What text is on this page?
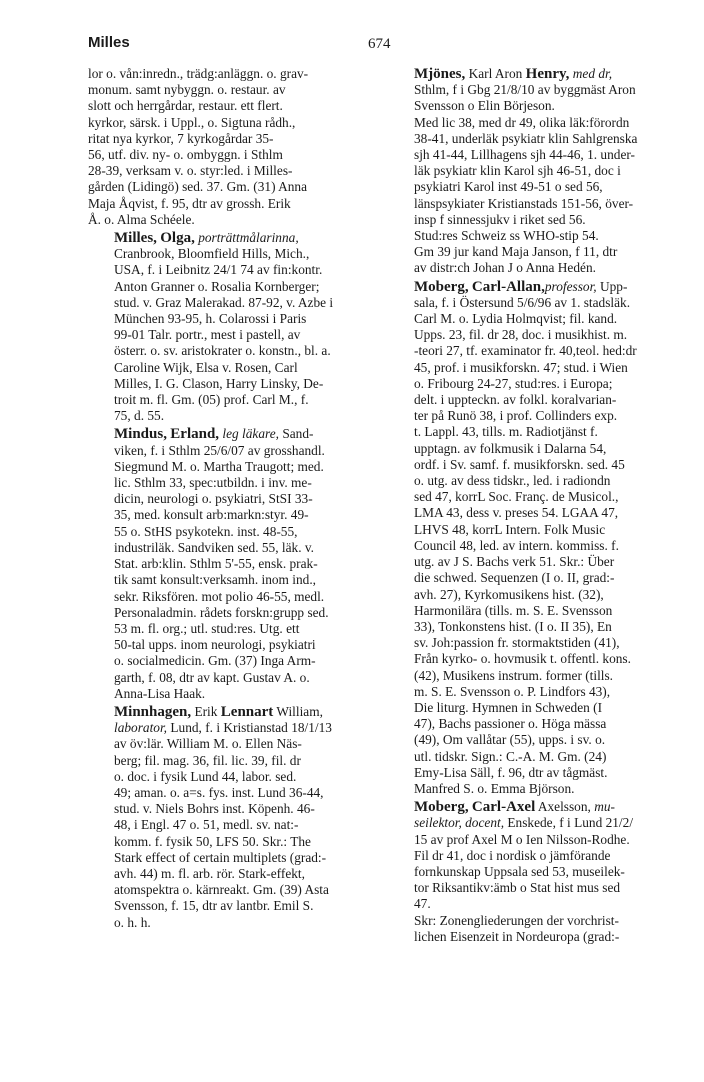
Milles	674
lor o. vån:inredn., trädg:anläggn. o. grav-
monum. samt nybyggn. o. restaur. av
slott och herrgårdar, restaur. ett flert.
kyrkor, särsk. i Uppl., o. Sigtuna rådh.,
ritat nya kyrkor, 7 kyrkogårdar 35-
56, utf. div. ny- o. ombyggn. i Sthlm
28-39, verksam v. o. styr:led. i Milles-
gården (Lidingö) sed. 37. Gm. (31) Anna
Maja Åqvist, f. 95, dtr av grossh. Erik
Å. o. Alma Schéele.
Milles, Olga, porträttmålarinna,
Cranbrook, Bloomfield Hills, Mich.,
USA, f. i Leibnitz 24/1 74 av fin:kontr.
Anton Granner o. Rosalia Kornberger;
stud. v. Graz Malerakad. 87-92, v. Azbe i
München 93-95, h. Colarossi i Paris
99-01 Talr. portr., mest i pastell, av
österr. o. sv. aristokrater o. konstn., bl. a.
Caroline Wijk, Elsa v. Rosen, Carl
Milles, I. G. Clason, Harry Linsky, De-
troit m. fl. Gm. (05) prof. Carl M., f.
75, d. 55.
Mindus, Erland, leg läkare, Sand-
viken, f. i Sthlm 25/6/07 av grosshandl.
Siegmund M. o. Martha Traugott; med.
lic. Sthlm 33, spec:utbildn. i inv. me-
dicin, neurologi o. psykiatri, StSI 33-
35, med. konsult arb:markn:styr. 49-
55 o. StHS psykotekn. inst. 48-55,
industriläk. Sandviken sed. 55, läk. v.
Stat. arb:klin. Sthlm 5'-55, ensk. prak-
tik samt konsult:verksamh. inom ind.,
sekr. Riksfören. mot polio 46-55, medl.
Personaladmin. rådets forskn:grupp sed.
53 m. fl. org.; utl. stud:res. Utg. ett
50-tal upps. inom neurologi, psykiatri
o. socialmedicin. Gm. (37) Inga Arm-
garth, f. 08, dtr av kapt. Gustav A. o.
Anna-Lisa Haak.
Minnhagen, Erik Lennart William,
laborator, Lund, f. i Kristianstad 18/1/13
av öv:lär. William M. o. Ellen Näs-
berg; fil. mag. 36, fil. lic. 39, fil. dr
o. doc. i fysik Lund 44, labor. sed.
49; aman. o. a=s. fys. inst. Lund 36-44,
stud. v. Niels Bohrs inst. Köpenh. 46-
48, i Engl. 47 o. 51, medl. sv. nat:-
komm. f. fysik 50, LFS 50. Skr.: The
Stark effect of certain multiplets (grad:-
avh. 44) m. fl. arb. rör. Stark-effekt,
atomspektra o. kärnreakt. Gm. (39) Asta
Svensson, f. 15, dtr av lantbr. Emil S.
o. h. h.
Mjönes, Karl Aron Henry, med dr,
Sthlm, f i Gbg 21/8/10 av byggmäst Aron
Svensson o Elin Börjeson.
Med lic 38, med dr 49, olika läk:förordn
38-41, underläk psykiatr klin Sahlgrenska
sjh 41-44, Lillhagens sjh 44-46, 1. under-
läk psykiatr klin Karol sjh 46-51, doc i
psykiatri Karol inst 49-51 o sed 56,
länspsykiater Kristianstads 151-56, över-
insp f sinnessjukv i riket sed 56.
Stud:res Schweiz ss WHO-stip 54.
Gm 39 jur kand Maja Janson, f 11, dtr
av distr:ch Johan J o Anna Hedén.
Moberg, Carl-Allan,professor, Upp-
sala, f. i Östersund 5/6/96 av 1. stadsläk.
Carl M. o. Lydia Holmqvist; fil. kand.
Upps. 23, fil. dr 28, doc. i musikhist. m.
-teori 27, tf. examinator fr. 40,teol. hed:dr
45, prof. i musikforskn. 47; stud. i Wien
o. Fribourg 24-27, stud:res. i Europa;
delt. i uppteckn. av folkl. koralvarian-
ter på Runö 38, i prof. Collinders exp.
t. Lappl. 43, tills. m. Radiotjänst f.
upptagn. av folkmusik i Dalarna 54,
ordf. i Sv. samf. f. musikforskn. sed. 45
o. utg. av dess tidskr., led. i radiondn
sed 47, korrL Soc. Franç. de Musicol.,
LMA 43, dess v. preses 54. LGAA 47,
LHVS 48, korrL Intern. Folk Music
Council 48, led. av intern. kommiss. f.
utg. av J S. Bachs verk 51. Skr.: Über
die schwed. Sequenzen (I o. II, grad:-
avh. 27), Kyrkomusikens hist. (32),
Harmonilära (tills. m. S. E. Svensson
33), Tonkonstens hist. (I o. II 35), En
sv. Joh:passion fr. stormaktstiden (41),
Från kyrko- o. hovmusik t. offentl. kons.
(42), Musikens instrum. former (tills.
m. S. E. Svensson o. P. Lindfors 43),
Die liturg. Hymnen in Schweden (I
47), Bachs passioner o. Höga mässa
(49), Om vallåtar (55), upps. i sv. o.
utl. tidskr. Sign.: C.-A. M. Gm. (24)
Emy-Lisa Säll, f. 96, dtr av tågmäst.
Manfred S. o. Emma Björson.
Moberg, Carl-Axel Axelsson, mu-
seilektor, docent, Enskede, f i Lund 21/2/
15 av prof Axel M o Ien Nilsson-Rodhe.
Fil dr 41, doc i nordisk o jämförande
fornkunskap Uppsala sed 53, museilek-
tor Riksantikv:ämb o Stat hist mus sed
47.
Skr: Zonengliederungen der vorchrist-
lichen Eisenzeit in Nordeuropa (grad:-
